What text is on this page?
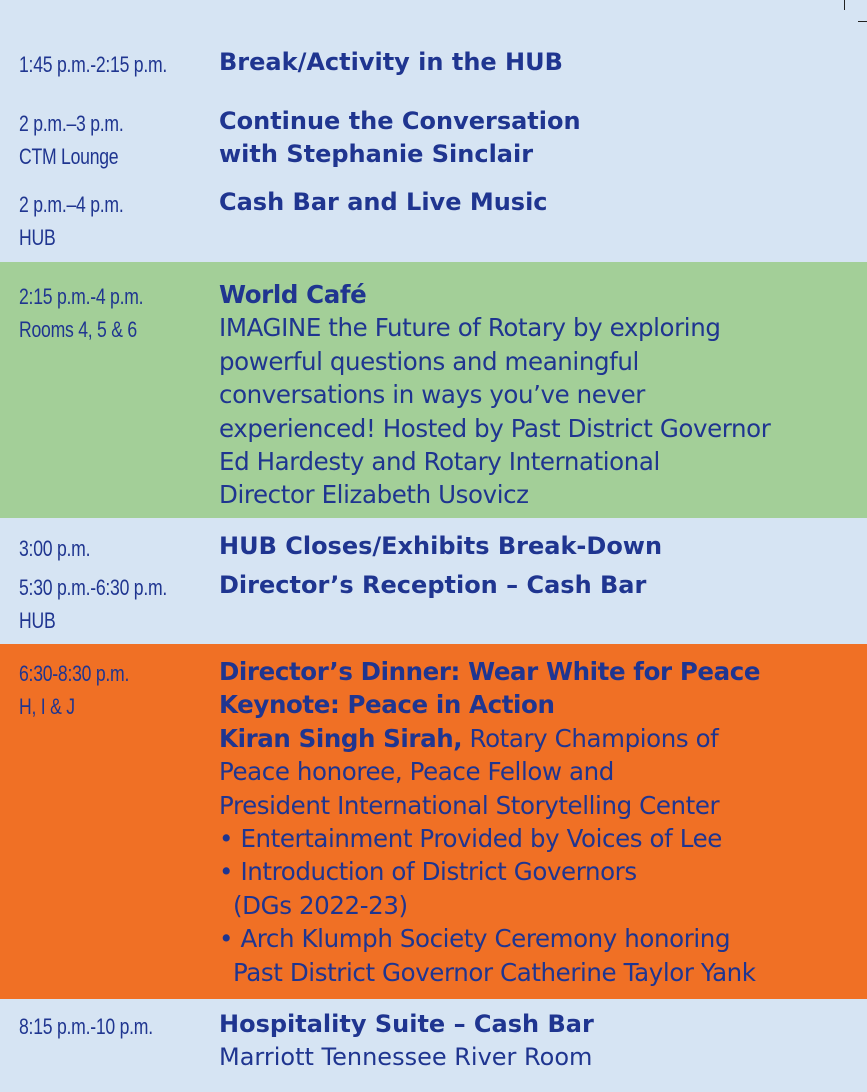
1:45 p.m.-2:15 p.m. Break/Activity in the HUB
2 p.m.–3 p.m.
CTM Lounge
Continue the Conversation
with Stephanie Sinclair
2 p.m.–4 p.m.
HUB
Cash Bar and Live Music
2:15 p.m.-4 p.m.
Rooms 4, 5 & 6
World Café
IMAGINE the Future of Rotary by exploring
powerful questions and meaningful
conversations in ways you’ve never
experienced! Hosted by Past District Governor
Ed Hardesty and Rotary International
Director Elizabeth Usovicz
3:00 p.m.	HUB Closes/Exhibits Break-Down
5:30 p.m.-6:30 p.m.
HUB
Director’s Reception – Cash Bar
6:30-8:30 p.m.
H, I & J
Director’s Dinner: Wear White for Peace
Keynote: Peace in Action
Kiran Singh Sirah, Rotary Champions of
Peace honoree, Peace Fellow and
President International Storytelling Center
• Entertainment Provided by Voices of Lee
• Introduction of District Governors
(DGs 2022-23)
• Arch Klumph Society Ceremony honoring
Past District Governor Catherine Taylor Yank
8:15 p.m.-10 p.m.	Hospitality Suite – Cash Bar
Marriott Tennessee River Room
